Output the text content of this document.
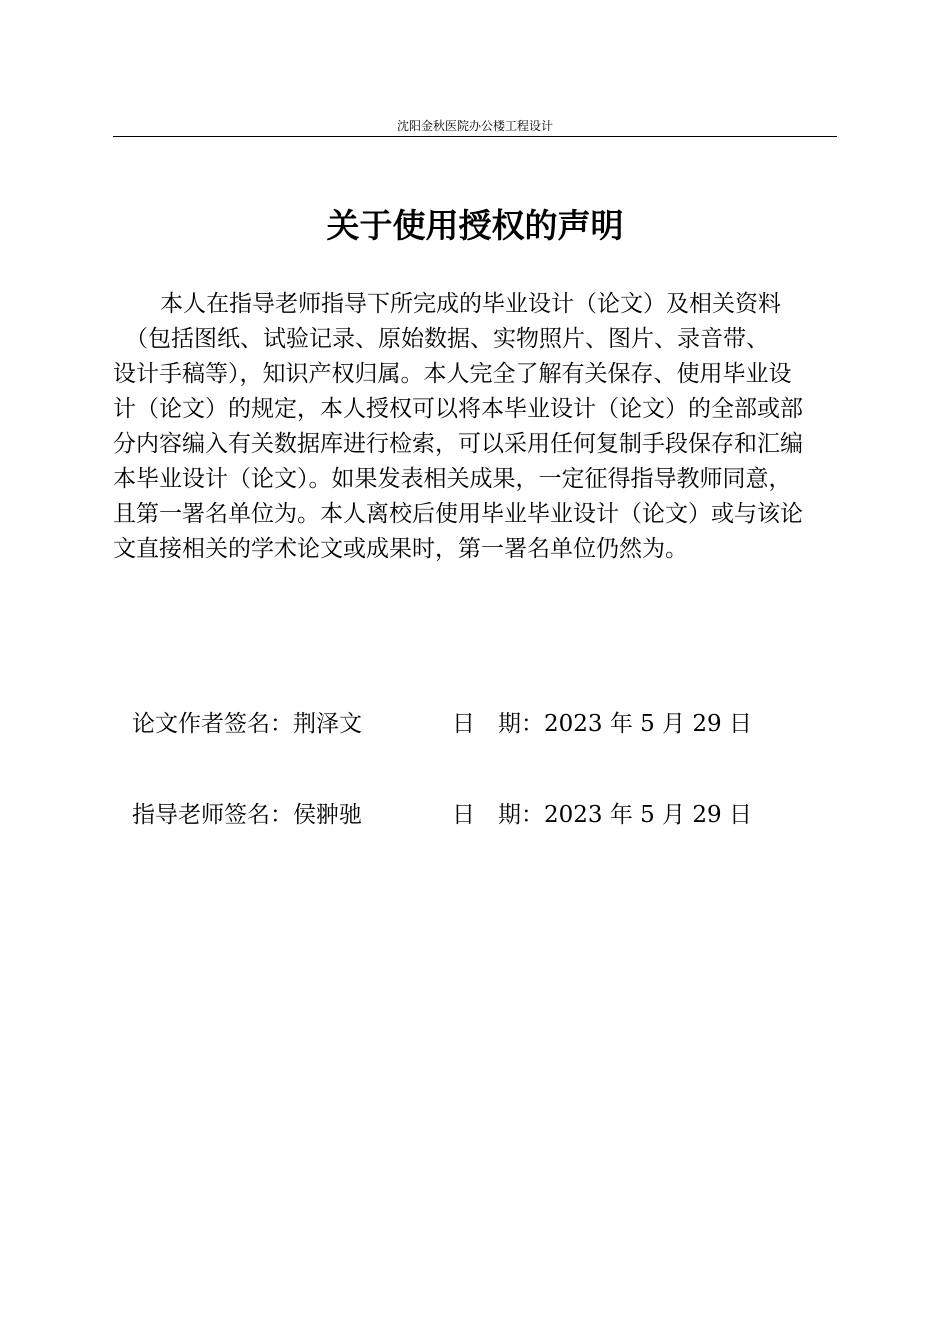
沈阳金秋医院办公楼工程设计
关于使用授权的声明
本人在指导老师指导下所完成的毕业设计（论文）及相关资料
（包括图纸、试验记录、原始数据、实物照片、图片、录音带、
设计手稿等），知识产权归属。本人完全了解有关保存、使用毕业设
计（论文）的规定，本人授权可以将本毕业设计（论文）的全部或部
分内容编入有关数据库进行检索，可以采用任何复制手段保存和汇编
本毕业设计（论文）。如果发表相关成果，一定征得指导教师同意，
且第一署名单位为。本人离校后使用毕业毕业设计（论文）或与该论
文直接相关的学术论文或成果时，第一署名单位仍然为。
论文作者签名：荆泽文	日　期：2023 年 5 月 29 日
指导老师签名：侯翀驰	日　期：2023 年 5 月 29 日
